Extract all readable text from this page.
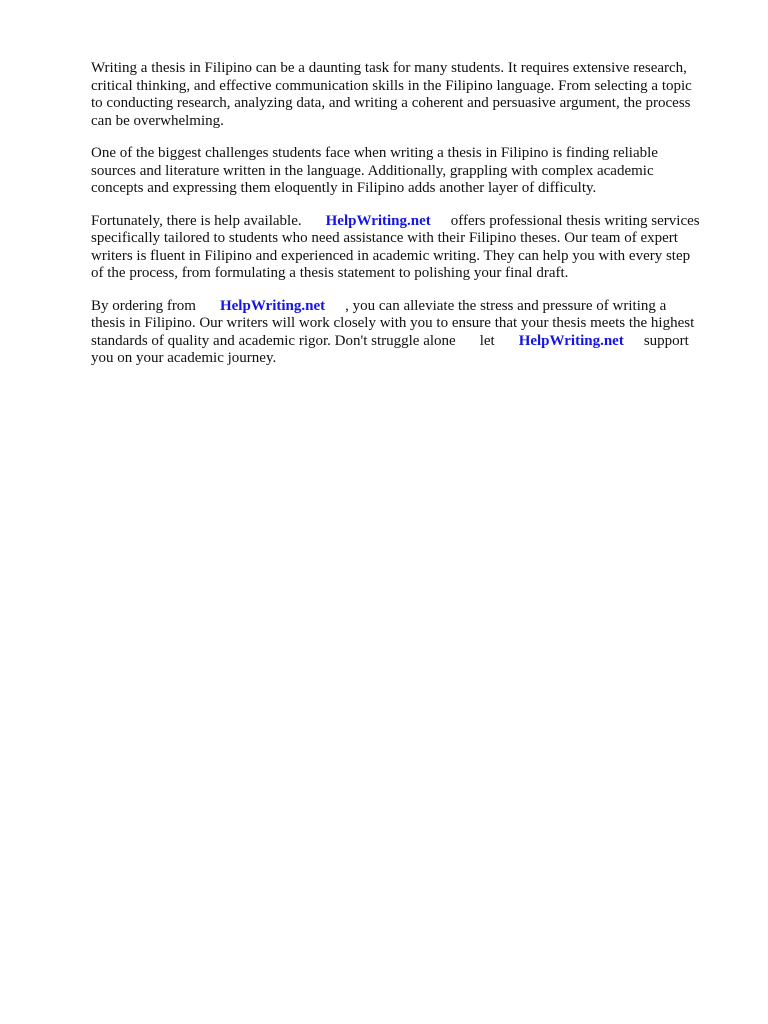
Writing a thesis in Filipino can be a daunting task for many students. It requires extensive research,
critical thinking, and effective communication skills in the Filipino language. From selecting a topic
to conducting research, analyzing data, and writing a coherent and persuasive argument, the process
can be overwhelming.

One of the biggest challenges students face when writing a thesis in Filipino is finding reliable
sources and literature written in the language. Additionally, grappling with complex academic
concepts and expressing them eloquently in Filipino adds another layer of difficulty.

Fortunately, there is help available. HelpWriting.net offers professional thesis writing services
specifically tailored to students who need assistance with their Filipino theses. Our team of expert
writers is fluent in Filipino and experienced in academic writing. They can help you with every step
of the process, from formulating a thesis statement to polishing your final draft.

By ordering from HelpWriting.net , you can alleviate the stress and pressure of writing a
thesis in Filipino. Our writers will work closely with you to ensure that your thesis meets the highest
standards of quality and academic rigor. Don't struggle alone let HelpWriting.net support
you on your academic journey.
